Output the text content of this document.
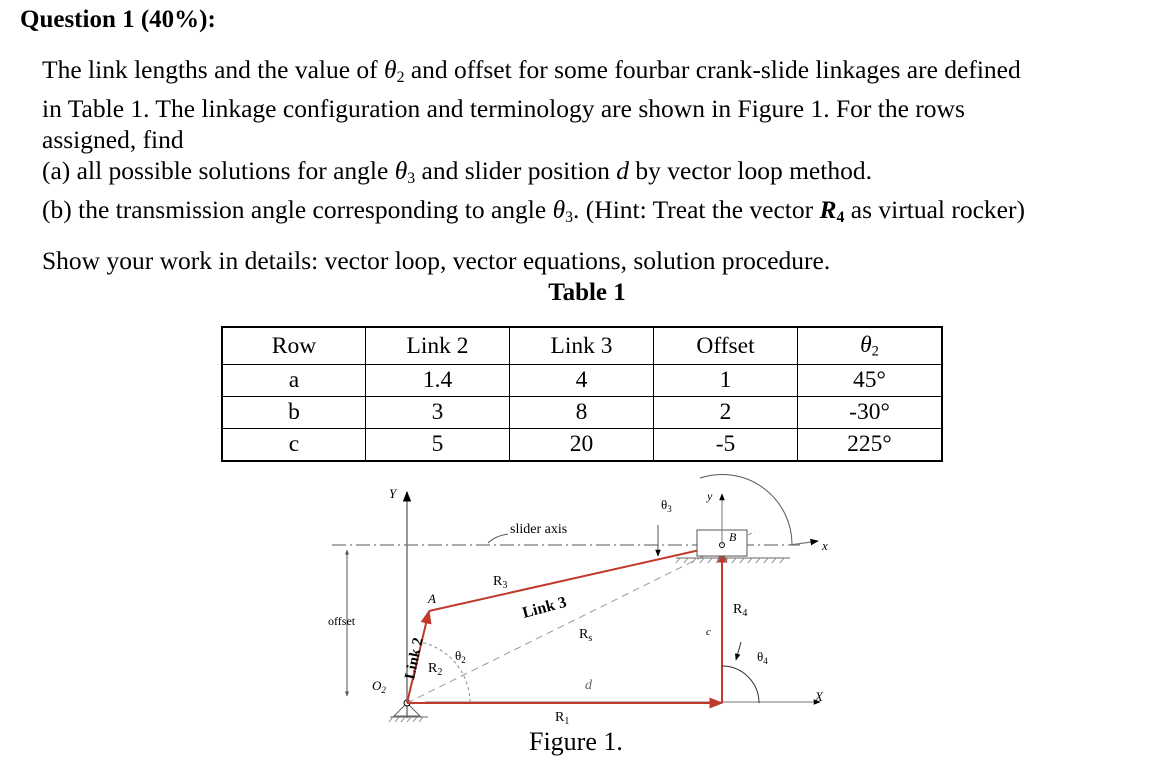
Question 1 (40%):

The link lengths and the value of $\theta_2$ and offset for some fourbar crank-slide linkages are defined
in Table 1. The linkage configuration and terminology are shown in Figure 1. For the rows
assigned, find
(a) all possible solutions for angle $\theta_3$ and slider position d by vector loop method.
(b) the transmission angle corresponding to angle $\theta_3$. (Hint: Treat the vector $R_4$ as virtual rocker)

Show your work in details: vector loop, vector equations, solution procedure.
Table 1
Row	Link 2	Link 3	Offset	$\theta_2$
a	1.4	4	1	45°
b	3	8	2	-30°
c	5	20	-5	225°
Y
x
slider axis
offset
X
$O_2$
Link 2
A
$R_2$
$\theta_2$
$R_3$
Link 3
$R_s$
d
$R_1$
$R_4$
c
$\theta_4$
B
y
$\theta_3$
Figure 1.
